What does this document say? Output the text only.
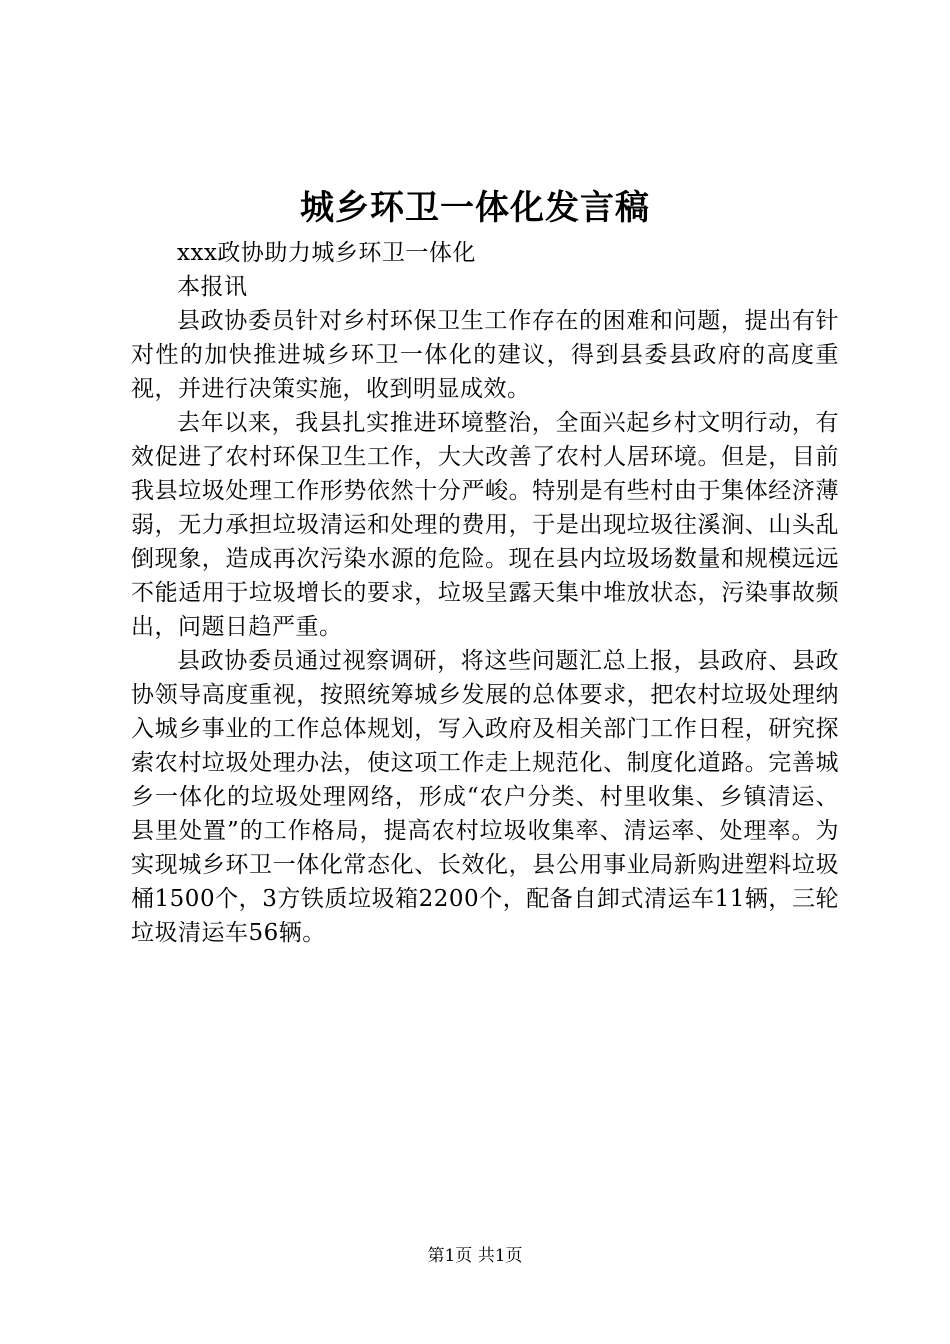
城乡环卫一体化发言稿

xxx政协助力城乡环卫一体化

本报讯

县政协委员针对乡村环保卫生工作存在的困难和问题，提出有针对性的加快推进城乡环卫一体化的建议，得到县委县政府的高度重视，并进行决策实施，收到明显成效。

去年以来，我县扎实推进环境整治，全面兴起乡村文明行动，有效促进了农村环保卫生工作，大大改善了农村人居环境。但是，目前我县垃圾处理工作形势依然十分严峻。特别是有些村由于集体经济薄弱，无力承担垃圾清运和处理的费用，于是出现垃圾往溪涧、山头乱倒现象，造成再次污染水源的危险。现在县内垃圾场数量和规模远远不能适用于垃圾增长的要求，垃圾呈露天集中堆放状态，污染事故频出，问题日趋严重。

县政协委员通过视察调研，将这些问题汇总上报，县政府、县政协领导高度重视，按照统筹城乡发展的总体要求，把农村垃圾处理纳入城乡事业的工作总体规划，写入政府及相关部门工作日程，研究探索农村垃圾处理办法，使这项工作走上规范化、制度化道路。完善城乡一体化的垃圾处理网络，形成“农户分类、村里收集、乡镇清运、县里处置”的工作格局，提高农村垃圾收集率、清运率、处理率。为实现城乡环卫一体化常态化、长效化，县公用事业局新购进塑料垃圾桶1500个，3方铁质垃圾箱2200个，配备自卸式清运车11辆，三轮垃圾清运车56辆。

第1页 共1页
